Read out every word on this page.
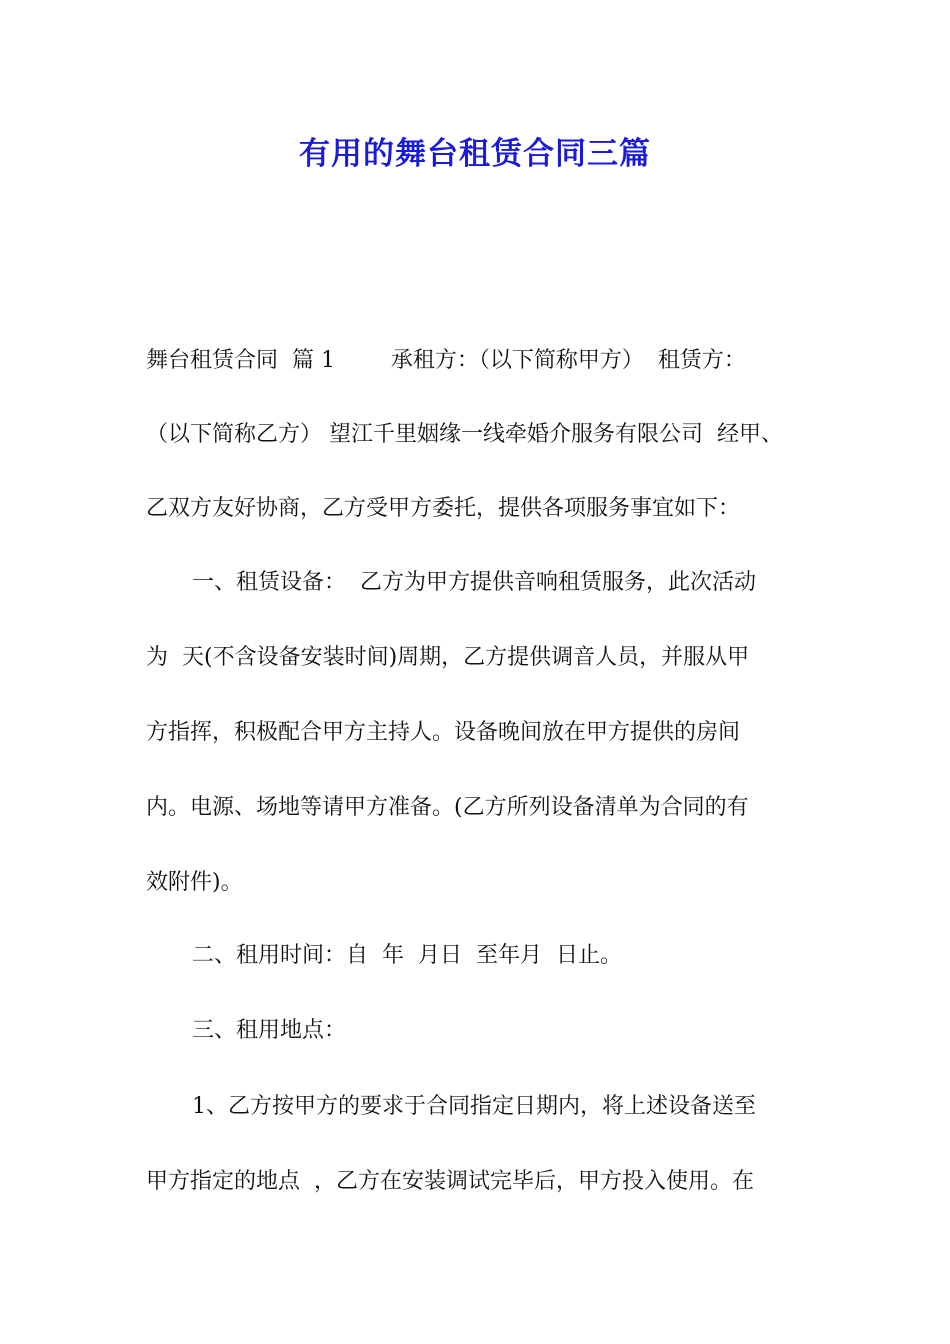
有用的舞台租赁合同三篇

舞台租赁合同  篇 1        承租方：（以下简称甲方）  租赁方：

（以下简称乙方） 望江千里姻缘一线牵婚介服务有限公司  经甲、

乙双方友好协商，乙方受甲方委托，提供各项服务事宜如下：

一、租赁设备：  乙方为甲方提供音响租赁服务，此次活动

为  天(不含设备安装时间)周期，乙方提供调音人员，并服从甲

方指挥，积极配合甲方主持人。设备晚间放在甲方提供的房间

内。电源、场地等请甲方准备。(乙方所列设备清单为合同的有

效附件)。

二、租用时间：自  年  月日  至年月  日止。

三、租用地点：

1、乙方按甲方的要求于合同指定日期内，将上述设备送至

甲方指定的地点  ，乙方在安装调试完毕后，甲方投入使用。在
